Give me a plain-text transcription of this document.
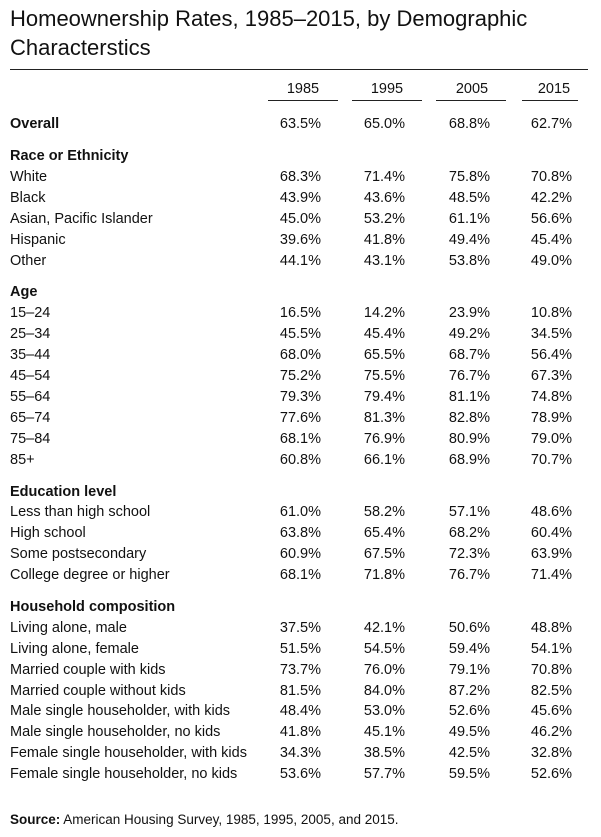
Homeownership Rates, 1985–2015, by Demographic Characterstics
1985	1995	2005	2015
Overall	63.5%	65.0%	68.8%	62.7%
Race or Ethnicity
White	68.3%	71.4%	75.8%	70.8%
Black	43.9%	43.6%	48.5%	42.2%
Asian, Pacific Islander	45.0%	53.2%	61.1%	56.6%
Hispanic	39.6%	41.8%	49.4%	45.4%
Other	44.1%	43.1%	53.8%	49.0%
Age
15–24	16.5%	14.2%	23.9%	10.8%
25–34	45.5%	45.4%	49.2%	34.5%
35–44	68.0%	65.5%	68.7%	56.4%
45–54	75.2%	75.5%	76.7%	67.3%
55–64	79.3%	79.4%	81.1%	74.8%
65–74	77.6%	81.3%	82.8%	78.9%
75–84	68.1%	76.9%	80.9%	79.0%
85+	60.8%	66.1%	68.9%	70.7%
Education level
Less than high school	61.0%	58.2%	57.1%	48.6%
High school	63.8%	65.4%	68.2%	60.4%
Some postsecondary	60.9%	67.5%	72.3%	63.9%
College degree or higher	68.1%	71.8%	76.7%	71.4%
Household composition
Living alone, male	37.5%	42.1%	50.6%	48.8%
Living alone, female	51.5%	54.5%	59.4%	54.1%
Married couple with kids	73.7%	76.0%	79.1%	70.8%
Married couple without kids	81.5%	84.0%	87.2%	82.5%
Male single householder, with kids	48.4%	53.0%	52.6%	45.6%
Male single householder, no kids	41.8%	45.1%	49.5%	46.2%
Female single householder, with kids	34.3%	38.5%	42.5%	32.8%
Female single householder, no kids	53.6%	57.7%	59.5%	52.6%
Source: American Housing Survey, 1985, 1995, 2005, and 2015.
